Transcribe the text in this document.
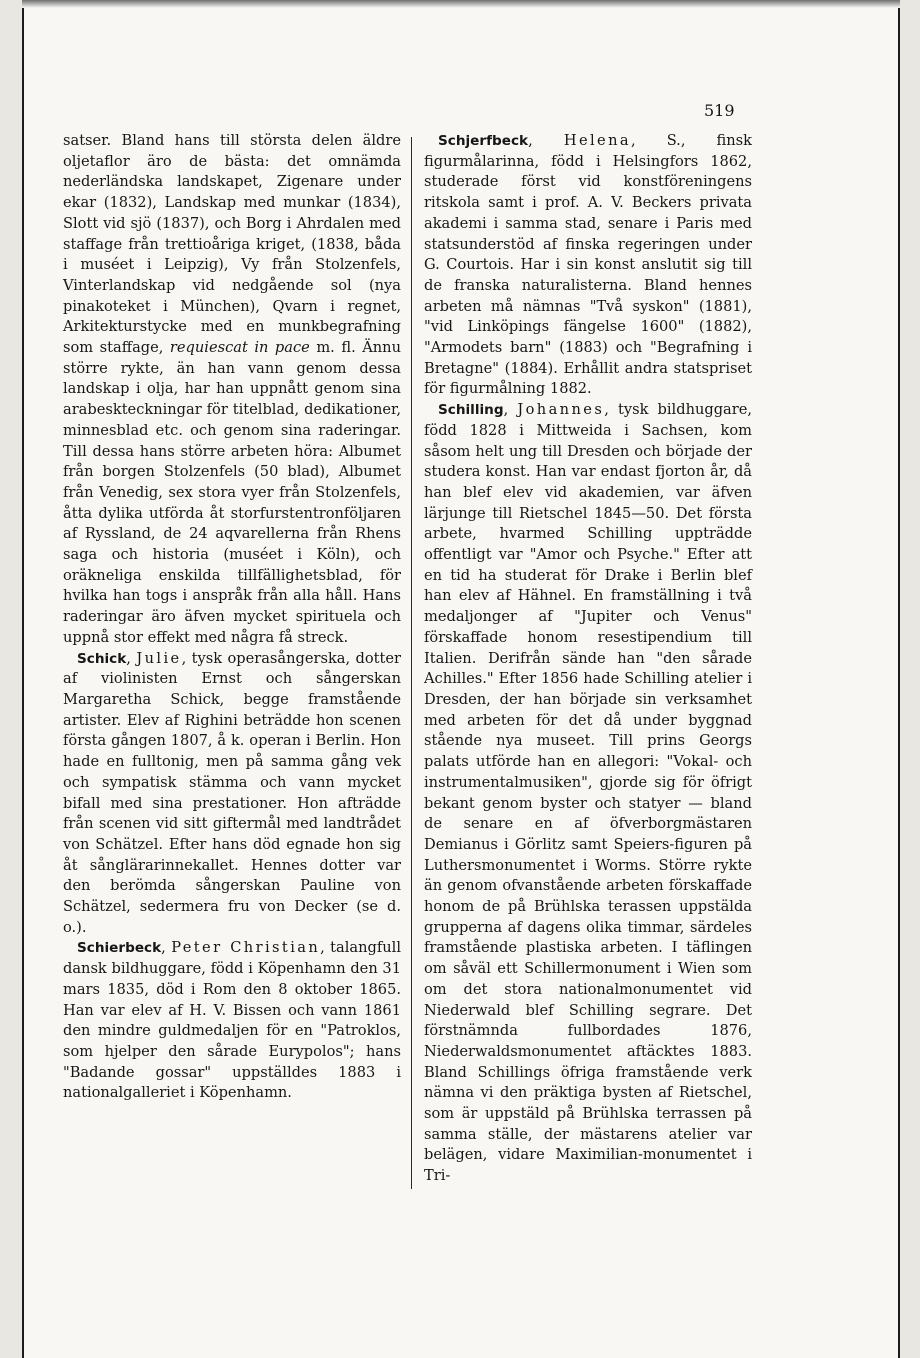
519

satser. Bland hans till största delen äldre oljetaflor äro de bästa: det omnämda nederländska landskapet, Zigenare under ekar (1832), Landskap med munkar (1834), Slott vid sjö (1837), och Borg i Ahrdalen med staffage från trettioåriga kriget, (1838, båda i muséet i Leipzig), Vy från Stolzenfels, Vinterlandskap vid nedgående sol (nya pinakoteket i München), Qvarn i regnet, Arkitekturstycke med en munkbegrafning som staffage, requiescat in pace m. fl. Ännu större rykte, än han vann genom dessa landskap i olja, har han uppnått genom sina arabeskteckningar för titelblad, dedikationer, minnesblad etc. och genom sina raderingar. Till dessa hans större arbeten höra: Albumet från borgen Stolzenfels (50 blad), Albumet från Venedig, sex stora vyer från Stolzenfels, åtta dylika utförda åt storfurstentronföljaren af Ryssland, de 24 aqvarellerna från Rhens saga och historia (muséet i Köln), och oräkneliga enskilda tillfällighetsblad, för hvilka han togs i anspråk från alla håll. Hans raderingar äro äfven mycket spirituela och uppnå stor effekt med några få streck.

Schick, Julie, tysk operasångerska, dotter af violinisten Ernst och sångerskan Margaretha Schick, begge framstående artister. Elev af Righini beträdde hon scenen första gången 1807, å k. operan i Berlin. Hon hade en fulltonig, men på samma gång vek och sympatisk stämma och vann mycket bifall med sina prestationer. Hon afträdde från scenen vid sitt giftermål med landtrådet von Schätzel. Efter hans död egnade hon sig åt sånglärarinnekallet. Hennes dotter var den berömda sångerskan Pauline von Schätzel, sedermera fru von Decker (se d. o.).

Schierbeck, Peter Christian, talangfull dansk bildhuggare, född i Köpenhamn den 31 mars 1835, död i Rom den 8 oktober 1865. Han var elev af H. V. Bissen och vann 1861 den mindre guldmedaljen för en "Patroklos, som hjelper den sårade Eurypolos"; hans "Badande gossar" uppställdes 1883 i nationalgalleriet i Köpenhamn.

Schjerfbeck, Helena, S., finsk figurmålarinna, född i Helsingfors 1862, studerade först vid konstföreningens ritskola samt i prof. A. V. Beckers privata akademi i samma stad, senare i Paris med statsunderstöd af finska regeringen under G. Courtois. Har i sin konst anslutit sig till de franska naturalisterna. Bland hennes arbeten må nämnas "Två syskon" (1881), "vid Linköpings fängelse 1600" (1882), "Armodets barn" (1883) och "Begrafning i Bretagne" (1884). Erhållit andra statspriset för figurmålning 1882.

Schilling, Johannes, tysk bildhuggare, född 1828 i Mittweida i Sachsen, kom såsom helt ung till Dresden och började der studera konst. Han var endast fjorton år, då han blef elev vid akademien, var äfven lärjunge till Rietschel 1845—50. Det första arbete, hvarmed Schilling uppträdde offentligt var "Amor och Psyche." Efter att en tid ha studerat för Drake i Berlin blef han elev af Hähnel. En framställning i två medaljonger af "Jupiter och Venus" förskaffade honom resestipendium till Italien. Derifrån sände han "den sårade Achilles." Efter 1856 hade Schilling atelier i Dresden, der han började sin verksamhet med arbeten för det då under byggnad stående nya museet. Till prins Georgs palats utförde han en allegori: "Vokal- och instrumentalmusiken", gjorde sig för öfrigt bekant genom byster och statyer — bland de senare en af öfverborgmästaren Demianus i Görlitz samt Speiers-figuren på Luthersmonumentet i Worms. Större rykte än genom ofvanstående arbeten förskaffade honom de på Brühlska terassen uppstälda grupperna af dagens olika timmar, särdeles framstående plastiska arbeten. I täflingen om såväl ett Schillermonument i Wien som om det stora nationalmonumentet vid Niederwald blef Schilling segrare. Det förstnämnda fullbordades 1876, Niederwaldsmonumentet aftäcktes 1883. Bland Schillings öfriga framstående verk nämna vi den präktiga bysten af Rietschel, som är uppstäld på Brühlska terrassen på samma ställe, der mästarens atelier var belägen, vidare Maximilian-monumentet i Tri-
